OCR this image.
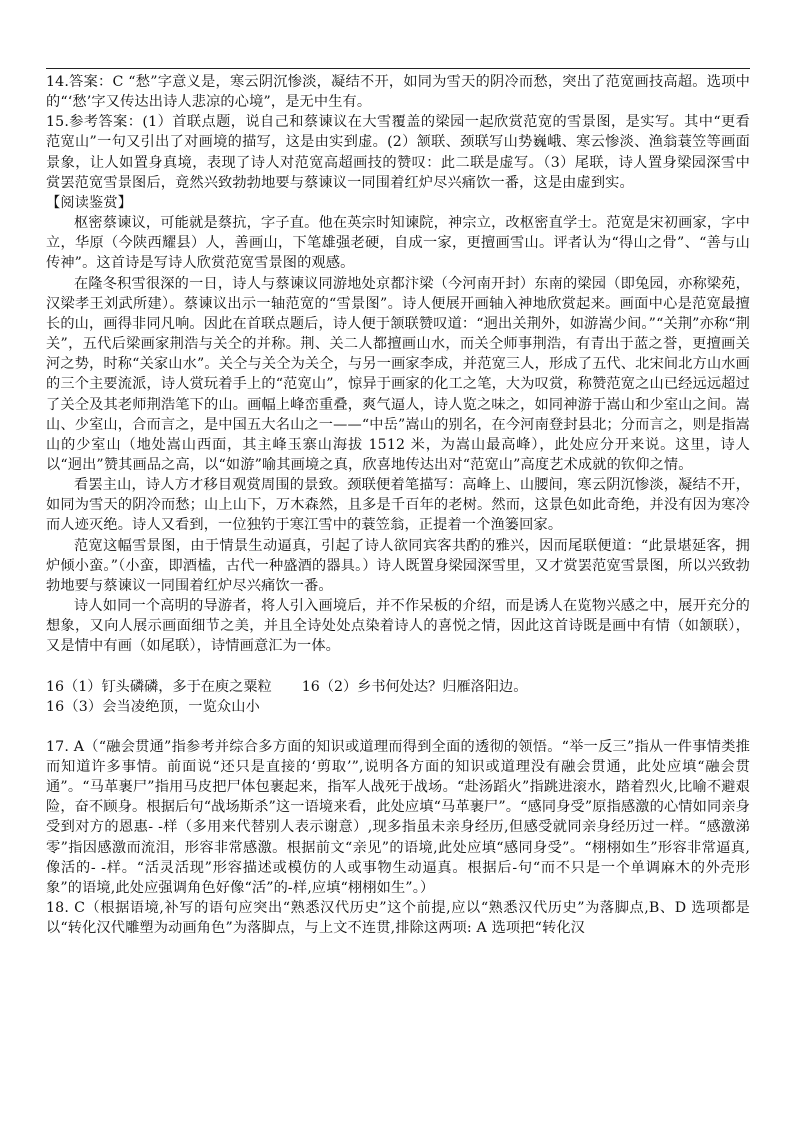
14.答案：C “愁”字意义是，寒云阴沉惨淡，凝结不开，如同为雪天的阴冷而愁，突出了范宽画技高超。选项中的“‘愁’字又传达出诗人悲凉的心境”，是无中生有。

15.参考答案：(1）首联点题，说自己和蔡谏议在大雪覆盖的梁园一起欣赏范宽的雪景图，是实写。其中“更看范宽山”一句又引出了对画境的描写，这是由实到虚。(2）颔联、颈联写山势巍峨、寒云惨淡、渔翁蓑笠等画面景象，让人如置身真境，表现了诗人对范宽高超画技的赞叹：此二联是虚写。（3）尾联，诗人置身梁园深雪中赏罢范宽雪景图后，竟然兴致勃勃地要与蔡谏议一同围着红炉尽兴痛饮一番，这是由虚到实。

【阅读鉴赏】

枢密蔡谏议，可能就是蔡抗，字子直。他在英宗时知谏院，神宗立，改枢密直学士。范宽是宋初画家，字中立，华原（今陕西耀县）人，善画山，下笔雄强老硬，自成一家，更擅画雪山。评者认为“得山之骨”、“善与山传神”。这首诗是写诗人欣赏范宽雪景图的观感。

在隆冬积雪很深的一日，诗人与蔡谏议同游地处京都汴梁（今河南开封）东南的梁园（即兔园，亦称梁苑，汉梁孝王刘武所建）。蔡谏议出示一轴范宽的“雪景图”。诗人便展开画轴入神地欣赏起来。画面中心是范宽最擅长的山，画得非同凡响。因此在首联点题后，诗人便于颔联赞叹道：“迥出关荆外，如游嵩少间。”“关荆”亦称“荆关”，五代后梁画家荆浩与关仝的并称。荆、关二人都擅画山水，而关仝师事荆浩，有青出于蓝之誉，更擅画关河之势，时称“关家山水”。关仝与关仝为关仝，与另一画家李成，并范宽三人，形成了五代、北宋间北方山水画的三个主要流派，诗人赏玩着手上的“范宽山”，惊异于画家的化工之笔，大为叹赏，称赞范宽之山已经远远超过了关仝及其老师荆浩笔下的山。画幅上峰峦重叠，爽气逼人，诗人览之味之，如同神游于嵩山和少室山之间。嵩山、少室山，合而言之，是中国五大名山之一——“中岳”嵩山的别名，在今河南登封县北；分而言之，则是指嵩山的少室山（地处嵩山西面，其主峰玉寨山海拔 1512 米，为嵩山最高峰），此处应分开来说。这里，诗人以“迥出”赞其画品之高，以“如游”喻其画境之真，欣喜地传达出对“范宽山”高度艺术成就的钦仰之情。

看罢主山，诗人方才移目观赏周围的景致。颈联便着笔描写：高峰上、山腰间，寒云阴沉惨淡，凝结不开，如同为雪天的阴冷而愁；山上山下，万木森然，且多是千百年的老树。然而，这景色如此奇绝，并没有因为寒冷而人迹灭绝。诗人又看到，一位独钓于寒江雪中的蓑笠翁，正提着一个渔篓回家。

范宽这幅雪景图，由于情景生动逼真，引起了诗人欲同宾客共酌的雅兴，因而尾联便道：“此景堪延客，拥炉倾小蛮。”（小蛮，即酒榼，古代一种盛酒的器具。）诗人既置身梁园深雪里，又才赏罢范宽雪景图，所以兴致勃勃地要与蔡谏议一同围着红炉尽兴痛饮一番。

诗人如同一个高明的导游者，将人引入画境后，并不作呆板的介绍，而是诱人在览物兴感之中，展开充分的想象，又向人展示画面细节之美，并且全诗处处点染着诗人的喜悦之情，因此这首诗既是画中有情（如颔联），又是情中有画（如尾联），诗情画意汇为一体。

16（1）钉头磷磷，多于在庾之粟粒 16（2）乡书何处达？归雁洛阳边。

16（3）会当凌绝顶，一览众山小

17. A（“融会贯通”指参考并综合多方面的知识或道理而得到全面的透彻的领悟。“举一反三”指从一件事情类推而知道许多事情。前面说“还只是直接的‘剪取’”,说明各方面的知识或道理没有融会贯通，此处应填“融会贯通”。“马革裹尸”指用马皮把尸体包裹起来，指军人战死于战场。“赴汤蹈火”指跳进滚水，踏着烈火,比喻不避艰险，奋不顾身。根据后句“战场斯杀”这一语境来看，此处应填“马革裹尸”。“感同身受”原指感激的心情如同亲身受到对方的恩惠- -样（多用来代替别人表示谢意）,现多指虽未亲身经历,但感受就同亲身经历过一样。“感激涕零”指因感激而流泪，形容非常感激。根据前文“亲见”的语境,此处应填“感同身受”。“栩栩如生”形容非常逼真,像活的- -样。“活灵活现”形容描述或模仿的人或事物生动逼真。根据后-句“而不只是一个单调麻木的外壳形象”的语境,此处应强调角色好像“活”的-样,应填“栩栩如生”。）

18. C（根据语境,补写的语句应突出“熟悉汉代历史”这个前提,应以“熟悉汉代历史”为落脚点,B、D 选项都是以“转化汉代雕塑为动画角色”为落脚点，与上文不连贯,排除这两项: A 选项把“转化汉
